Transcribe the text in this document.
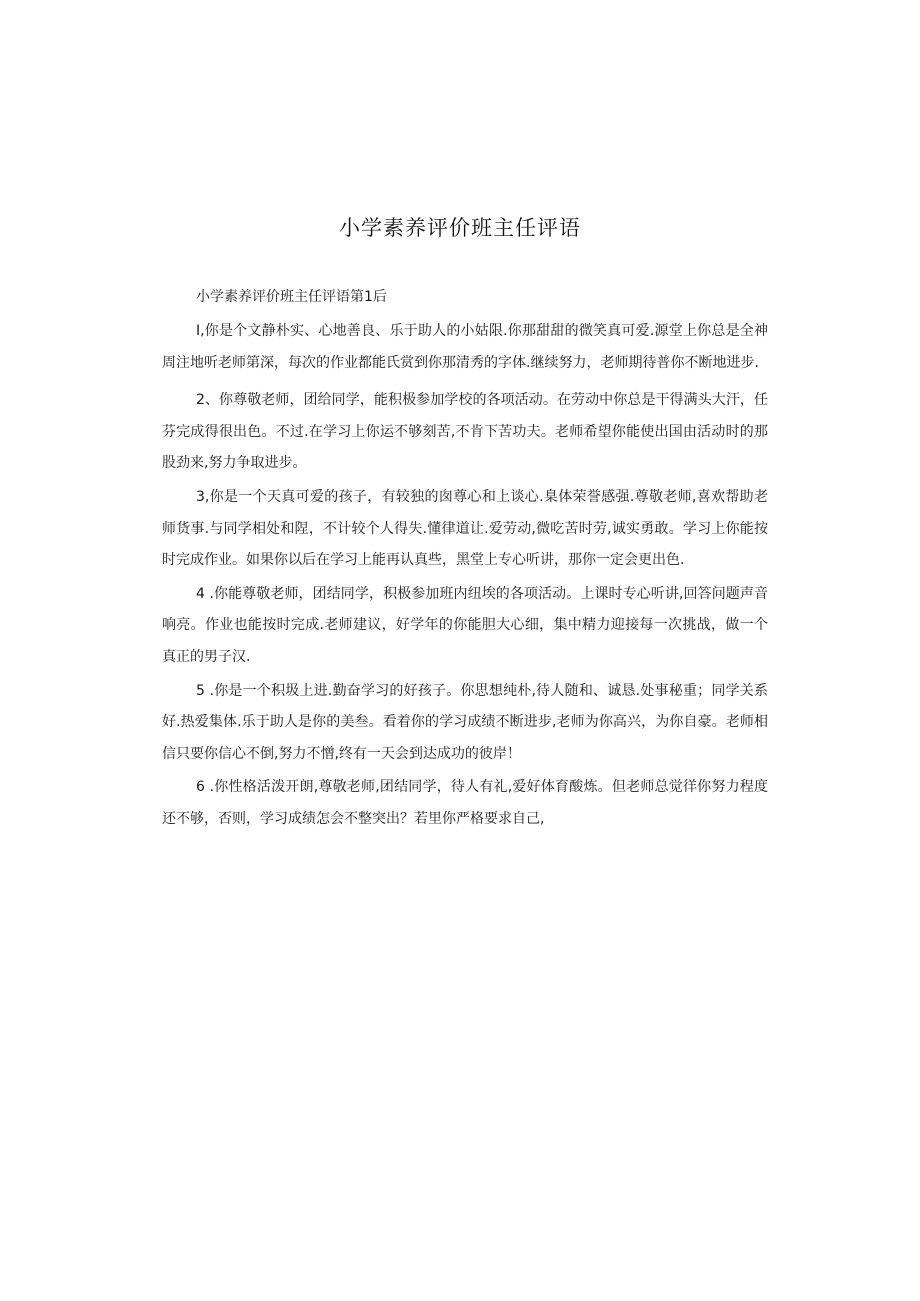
小学素养评价班主任评语

小学素养评价班主任评语第1后

I,你是个文静朴实、心地善良、乐于助人的小姑限.你那甜甜的微笑真可爱.源堂上你总是全神周注地听老师第深，每次的作业都能氏赏到你那清秀的字体.继续努力，老师期待普你不断地进步.

2、你尊敬老师，团给同学，能积极参加学校的各项活动。在劳动中你总是干得满头大汗，任芬完成得很出色。不过.在学习上你运不够刻苦,不肯下苦功夫。老师希望你能使出国由活动时的那股劲来,努力争取进步。

3,你是一个天真可爱的孩子，有较独的囱尊心和上谈心.臬体荣誉感强.尊敬老师,喜欢帮助老师货事.与同学相处和陧，不计较个人得失.懂律道让.爱劳动,微吃苦时劳,诚实勇敢。学习上你能按时完成作业。如果你以后在学习上能再认真些，黑堂上专心听讲，那你一定会更出色.

4 .你能尊敬老师，团结同学，积极参加班内纽埃的各项活动。上课时专心听讲,回答问题声音响亮。作业也能按时完成.老师建议，好学年的你能胆大心细，集中精力迎接每一次挑战，做一个真正的男子汉.

5 .你是一个积圾上进.勤奋学习的好孩子。你思想纯朴,待人随和、诚恳.处事秘重；同学关系好.热爱集体.乐于助人是你的美叁。看着你的学习成绩不断进步,老师为你高兴，为你自豪。老师相信只要你信心不倒,努力不憎,终有一天会到达成功的彼岸！

6 .你性格活泼开朗,尊敬老师,团结同学，待人有礼,爱好体育酸炼。但老师总觉徉你努力程度还不够，否则，学习成绩怎会不整突出？若里你严格要求自己,
